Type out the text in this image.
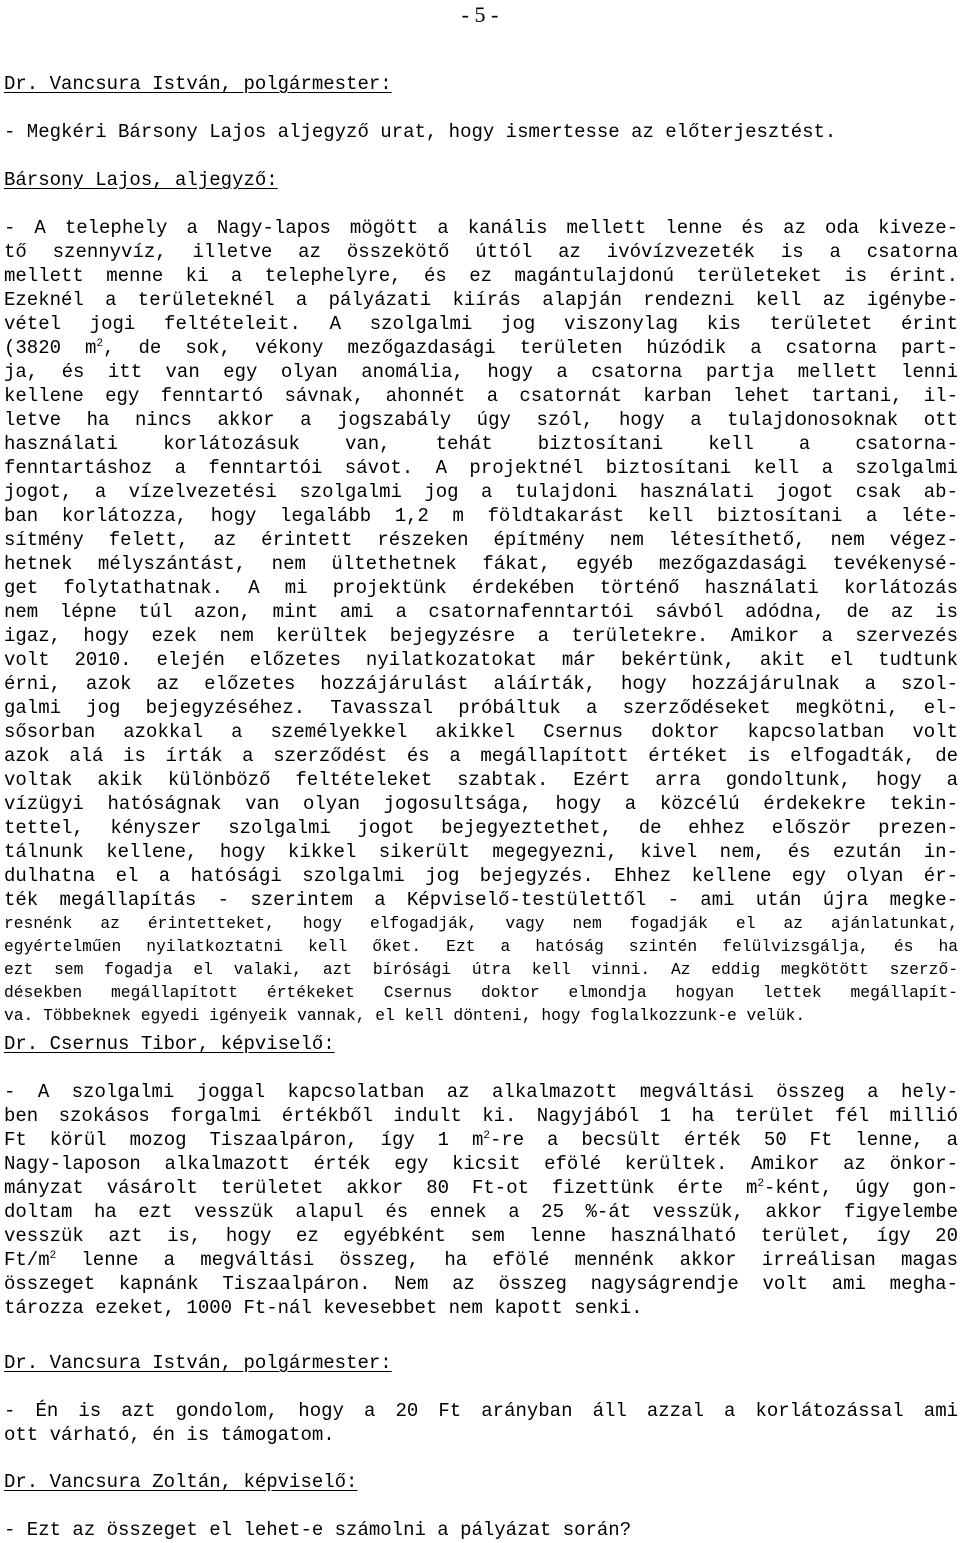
- 5 -
Dr. Vancsura István, polgármester:
- Megkéri Bársony Lajos aljegyző urat, hogy ismertesse az előterjesztést.
Bársony Lajos, aljegyző:
- A telephely a Nagy-lapos mögött a kanális mellett lenne és az oda kiveze-
tő szennyvíz, illetve az összekötő úttól az ivóvízvezeték is a csatorna
mellett menne ki a telephelyre, és ez magántulajdonú területeket is érint.
Ezeknél a területeknél a pályázati kiírás alapján rendezni kell az igénybe-
vétel jogi feltételeit. A szolgalmi jog viszonylag kis területet érint
(3820 $m^2$, de sok, vékony mezőgazdasági területen húzódik a csatorna part-
ja, és itt van egy olyan anomália, hogy a csatorna partja mellett lenni
kellene egy fenntartó sávnak, ahonnét a csatornát karban lehet tartani, il-
letve ha nincs akkor a jogszabály úgy szól, hogy a tulajdonosoknak ott
használati korlátozásuk van, tehát biztosítani kell a csatorna-
fenntartáshoz a fenntartói sávot. A projektnél biztosítani kell a szolgalmi
jogot, a vízelvezetési szolgalmi jog a tulajdoni használati jogot csak ab-
ban korlátozza, hogy legalább 1,2 m földtakarást kell biztosítani a léte-
sítmény felett, az érintett részeken építmény nem létesíthető, nem végez-
hetnek mélyszántást, nem ültethetnek fákat, egyéb mezőgazdasági tevékenysé-
get folytathatnak. A mi projektünk érdekében történő használati korlátozás
nem lépne túl azon, mint ami a csatornafenntartói sávból adódna, de az is
igaz, hogy ezek nem kerültek bejegyzésre a területekre. Amikor a szervezés
volt 2010. elején előzetes nyilatkozatokat már bekértünk, akit el tudtunk
érni, azok az előzetes hozzájárulást aláírták, hogy hozzájárulnak a szol-
galmi jog bejegyzéséhez. Tavasszal próbáltuk a szerződéseket megkötni, el-
sősorban azokkal a személyekkel akikkel Csernus doktor kapcsolatban volt
azok alá is írták a szerződést és a megállapított értéket is elfogadták, de
voltak akik különböző feltételeket szabtak. Ezért arra gondoltunk, hogy a
vízügyi hatóságnak van olyan jogosultsága, hogy a közcélú érdekekre tekin-
tettel, kényszer szolgalmi jogot bejegyeztethet, de ehhez először prezen-
tálnunk kellene, hogy kikkel sikerült megegyezni, kivel nem, és ezután in-
dulhatna el a hatósági szolgalmi jog bejegyzés. Ehhez kellene egy olyan ér-
ték megállapítás - szerintem a Képviselő-testülettől - ami után újra megke-
resnénk az érintetteket, hogy elfogadják, vagy nem fogadják el az ajánlatunkat,
egyértelműen nyilatkoztatni kell őket. Ezt a hatóság szintén felülvizsgálja, és ha
ezt sem fogadja el valaki, azt bírósági útra kell vinni. Az eddig megkötött szerző-
désekben megállapított értékeket Csernus doktor elmondja hogyan lettek megállapít-
va. Többeknek egyedi igényeik vannak, el kell dönteni, hogy foglalkozzunk-e velük.
Dr. Csernus Tibor, képviselő:
- A szolgalmi joggal kapcsolatban az alkalmazott megváltási összeg a hely-
ben szokásos forgalmi értékből indult ki. Nagyjából 1 ha terület fél millió
Ft körül mozog Tiszaalpáron, így 1 $m^2-re$ a becsült érték 50 Ft lenne, a
Nagy-laposon alkalmazott érték egy kicsit efölé kerültek. Amikor az önkor-
mányzat vásárolt területet akkor 80 Ft-ot fizettünk érte $m^2$-ként, úgy gon-
doltam ha ezt vesszük alapul és ennek a 25 %-át vesszük, akkor figyelembe
vesszük azt is, hogy ez egyébként sem lenne használható terület, így 20
$Ft/m^2$ lenne a megváltási összeg, ha efölé mennénk akkor irreálisan magas
összeget kapnánk Tiszaalpáron. Nem az összeg nagyságrendje volt ami megha-
tározza ezeket, 1000 Ft-nál kevesebbet nem kapott senki.
Dr. Vancsura István, polgármester:
- Én is azt gondolom, hogy a 20 Ft arányban áll azzal a korlátozással ami
ott várható, én is támogatom.
Dr. Vancsura Zoltán, képviselő:
- Ezt az összeget el lehet-e számolni a pályázat során?
